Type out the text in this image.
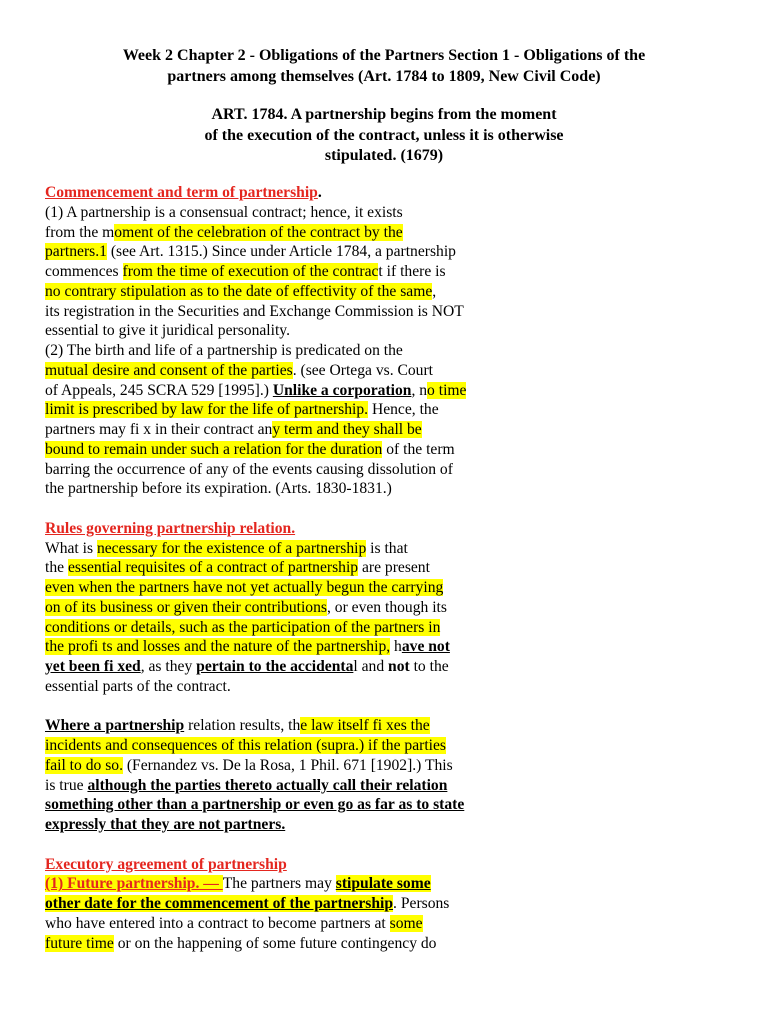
Week 2 Chapter 2 - Obligations of the Partners Section 1 - Obligations of the
partners among themselves (Art. 1784 to 1809, New Civil Code)
ART. 1784. A partnership begins from the moment
of the execution of the contract, unless it is otherwise
stipulated. (1679)
Commencement and term of partnership.
(1) A partnership is a consensual contract; hence, it exists
from the moment of the celebration of the contract by the
partners.1 (see Art. 1315.) Since under Article 1784, a partnership
commences from the time of execution of the contract if there is
no contrary stipulation as to the date of effectivity of the same,
its registration in the Securities and Exchange Commission is NOT
essential to give it juridical personality.
(2) The birth and life of a partnership is predicated on the
mutual desire and consent of the parties. (see Ortega vs. Court
of Appeals, 245 SCRA 529 [1995].) Unlike a corporation, no time
limit is prescribed by law for the life of partnership. Hence, the
partners may fi x in their contract any term and they shall be
bound to remain under such a relation for the duration of the term
barring the occurrence of any of the events causing dissolution of
the partnership before its expiration. (Arts. 1830-1831.)
Rules governing partnership relation.
What is necessary for the existence of a partnership is that
the essential requisites of a contract of partnership are present
even when the partners have not yet actually begun the carrying
on of its business or given their contributions, or even though its
conditions or details, such as the participation of the partners in
the profi ts and losses and the nature of the partnership, have not
yet been fi xed, as they pertain to the accidental and not to the
essential parts of the contract.
Where a partnership relation results, the law itself fi xes the
incidents and consequences of this relation (supra.) if the parties
fail to do so. (Fernandez vs. De la Rosa, 1 Phil. 671 [1902].) This
is true although the parties thereto actually call their relation
something other than a partnership or even go as far as to state
expressly that they are not partners.
Executory agreement of partnership
(1) Future partnership. — The partners may stipulate some
other date for the commencement of the partnership. Persons
who have entered into a contract to become partners at some
future time or on the happening of some future contingency do
